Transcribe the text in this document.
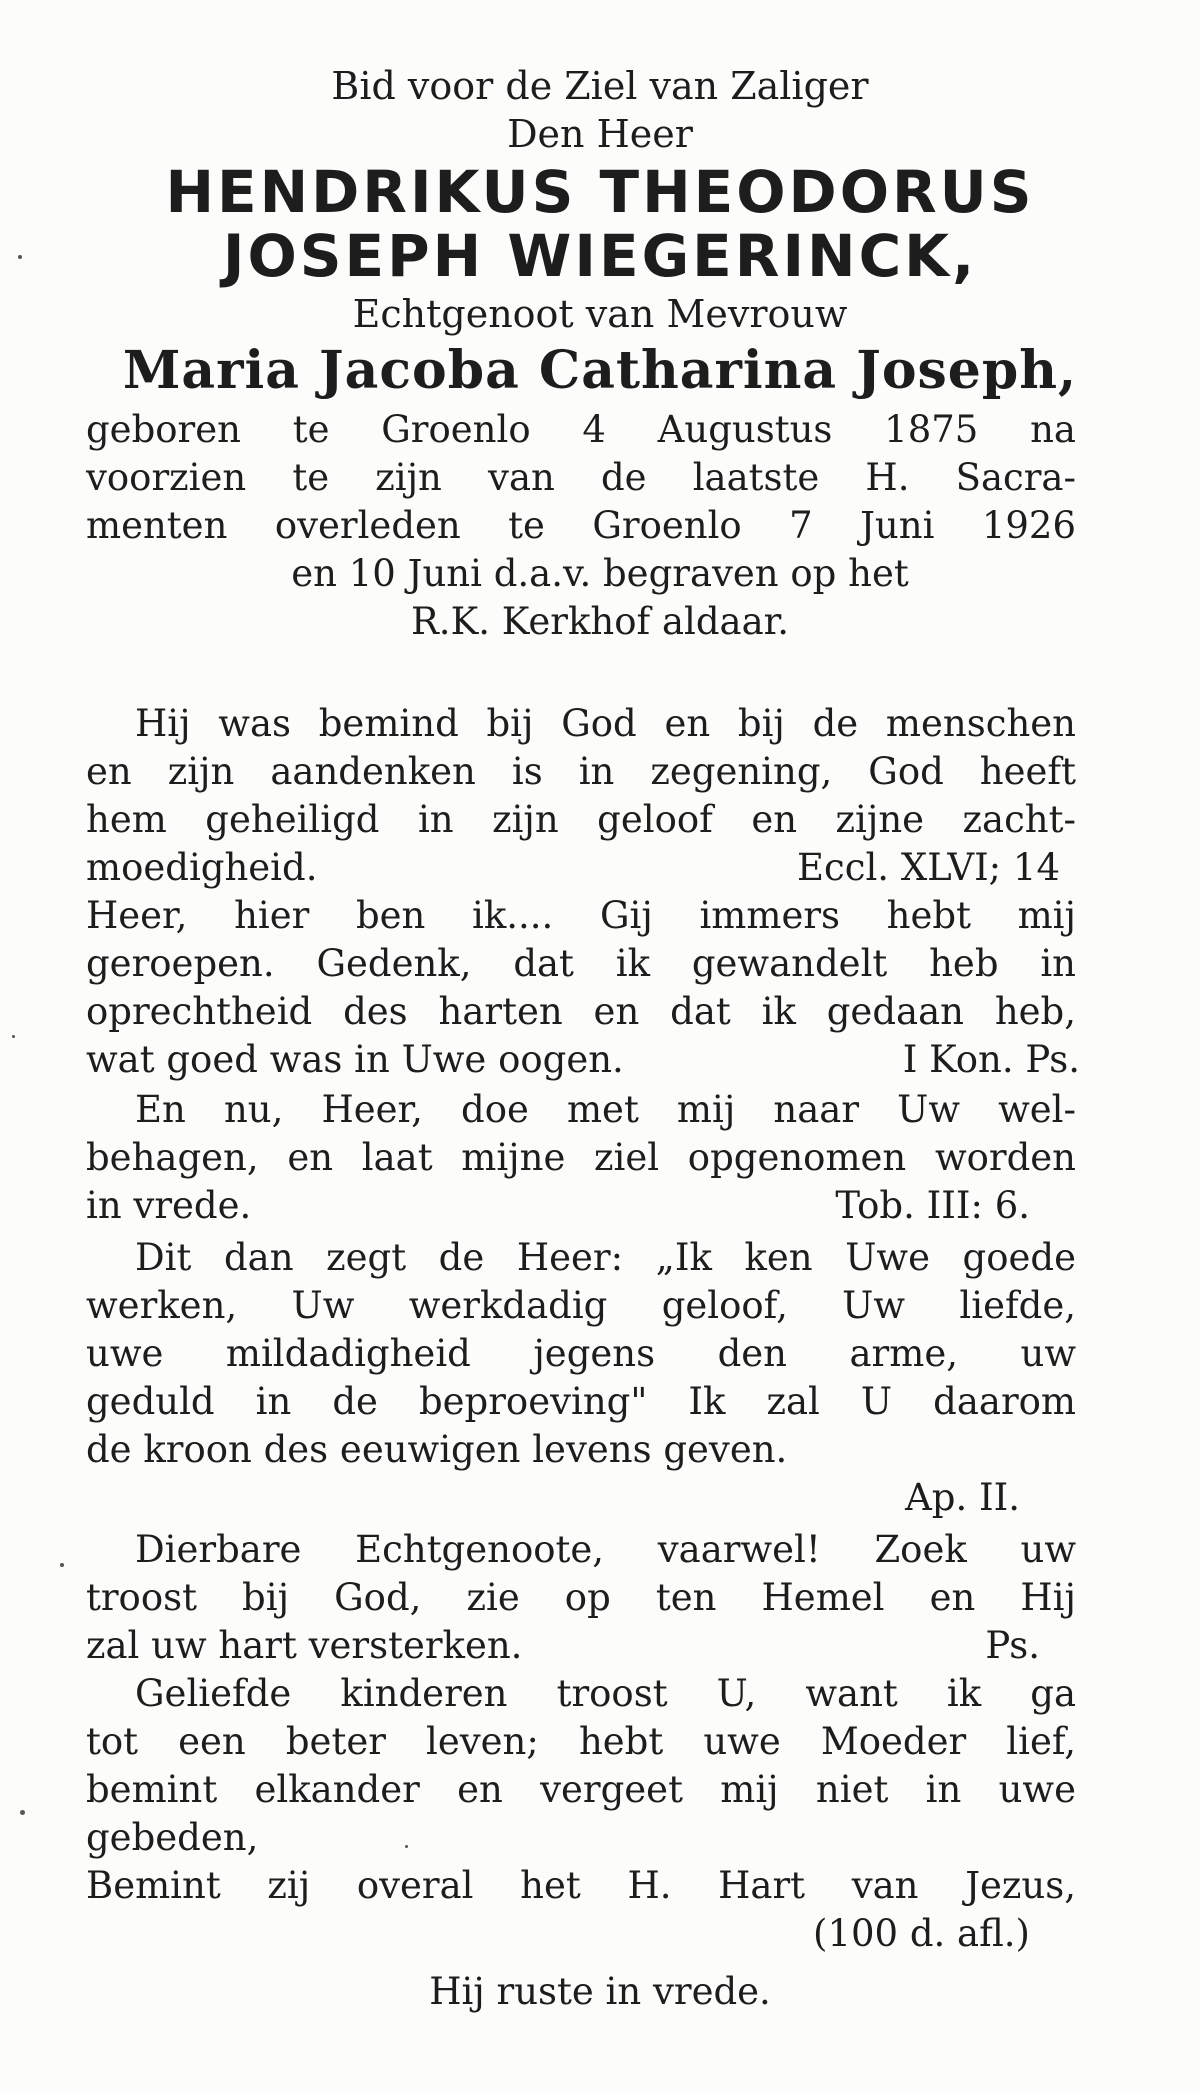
Bid voor de Ziel van Zaliger
Den Heer
HENDRIKUS THEODORUS
JOSEPH WIEGERINCK,
Echtgenoot van Mevrouw
Maria Jacoba Catharina Joseph,
geboren te Groenlo 4 Augustus 1875 na
voorzien te zijn van de laatste H. Sacra-
menten overleden te Groenlo 7 Juni 1926
en 10 Juni d.a.v. begraven op het
R.K. Kerkhof aldaar.
Hij was bemind bij God en bij de menschen
en zijn aandenken is in zegening, God heeft
hem geheiligd in zijn geloof en zijne zacht-
moedigheid.	Eccl. XLVI; 14
Heer, hier ben ik.... Gij immers hebt mij
geroepen. Gedenk, dat ik gewandelt heb in
oprechtheid des harten en dat ik gedaan heb,
wat goed was in Uwe oogen.	I Kon. Ps.
En nu, Heer, doe met mij naar Uw wel-
behagen, en laat mijne ziel opgenomen worden
in vrede.	Tob. III: 6.
Dit dan zegt de Heer: „Ik ken Uwe goede
werken, Uw werkdadig geloof, Uw liefde,
uwe mildadigheid jegens den arme, uw
geduld in de beproeving" Ik zal U daarom
de kroon des eeuwigen levens geven.
Ap. II.
Dierbare Echtgenoote, vaarwel! Zoek uw
troost bij God, zie op ten Hemel en Hij
zal uw hart versterken.	Ps.
Geliefde kinderen troost U, want ik ga
tot een beter leven; hebt uwe Moeder lief,
bemint elkander en vergeet mij niet in uwe
gebeden,
Bemint zij overal het H. Hart van Jezus,
(100 d. afl.)
Hij ruste in vrede.
